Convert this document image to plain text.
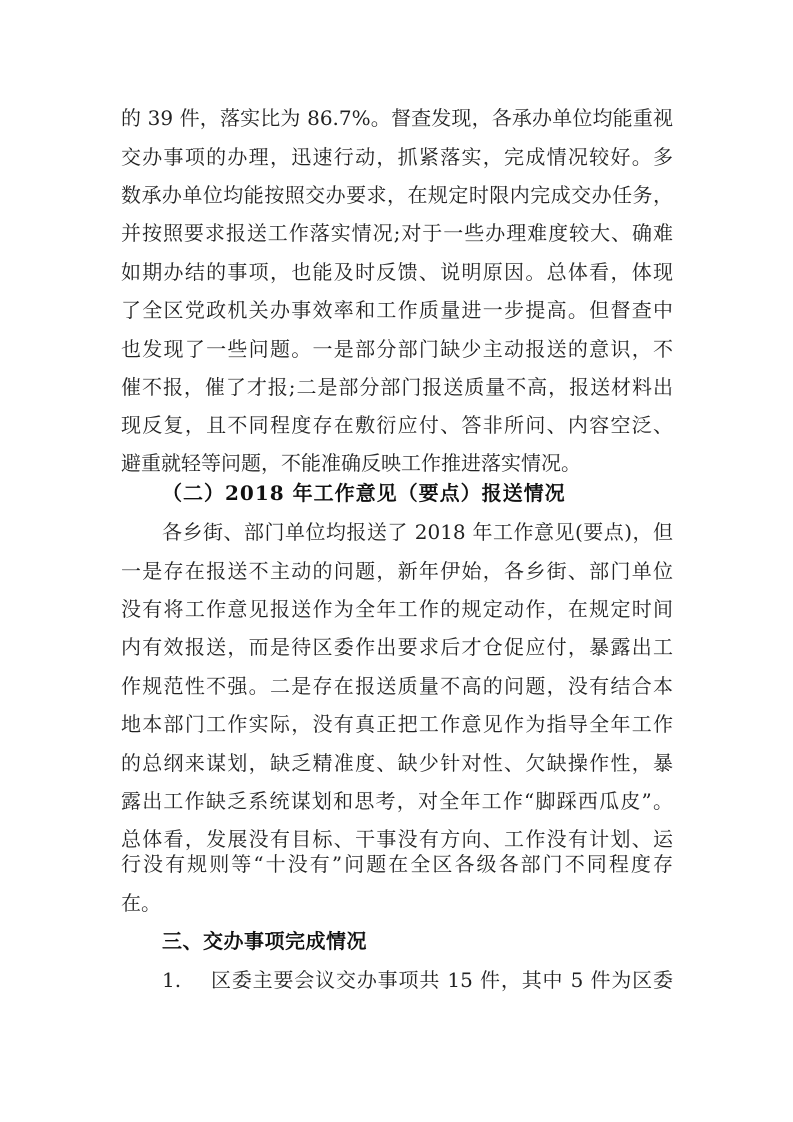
的 39 件，落实比为 86.7%。督查发现，各承办单位均能重视
交办事项的办理，迅速行动，抓紧落实，完成情况较好。多
数承办单位均能按照交办要求，在规定时限内完成交办任务，
并按照要求报送工作落实情况;对于一些办理难度较大、确难
如期办结的事项，也能及时反馈、说明原因。总体看，体现
了全区党政机关办事效率和工作质量进一步提高。但督查中
也发现了一些问题。一是部分部门缺少主动报送的意识，不
催不报，催了才报;二是部分部门报送质量不高，报送材料出
现反复，且不同程度存在敷衍应付、答非所问、内容空泛、
避重就轻等问题，不能准确反映工作推进落实情况。
（二）2018 年工作意见（要点）报送情况
各乡街、部门单位均报送了 2018 年工作意见(要点)，但
一是存在报送不主动的问题，新年伊始，各乡街、部门单位
没有将工作意见报送作为全年工作的规定动作，在规定时间
内有效报送，而是待区委作出要求后才仓促应付，暴露出工
作规范性不强。二是存在报送质量不高的问题，没有结合本
地本部门工作实际，没有真正把工作意见作为指导全年工作
的总纲来谋划，缺乏精准度、缺少针对性、欠缺操作性，暴
露出工作缺乏系统谋划和思考，对全年工作“脚踩西瓜皮”。
总体看，发展没有目标、干事没有方向、工作没有计划、运
行没有规则等“十没有”问题在全区各级各部门不同程度存
在。
三、交办事项完成情况
1. 区委主要会议交办事项共 15 件，其中 5 件为区委
